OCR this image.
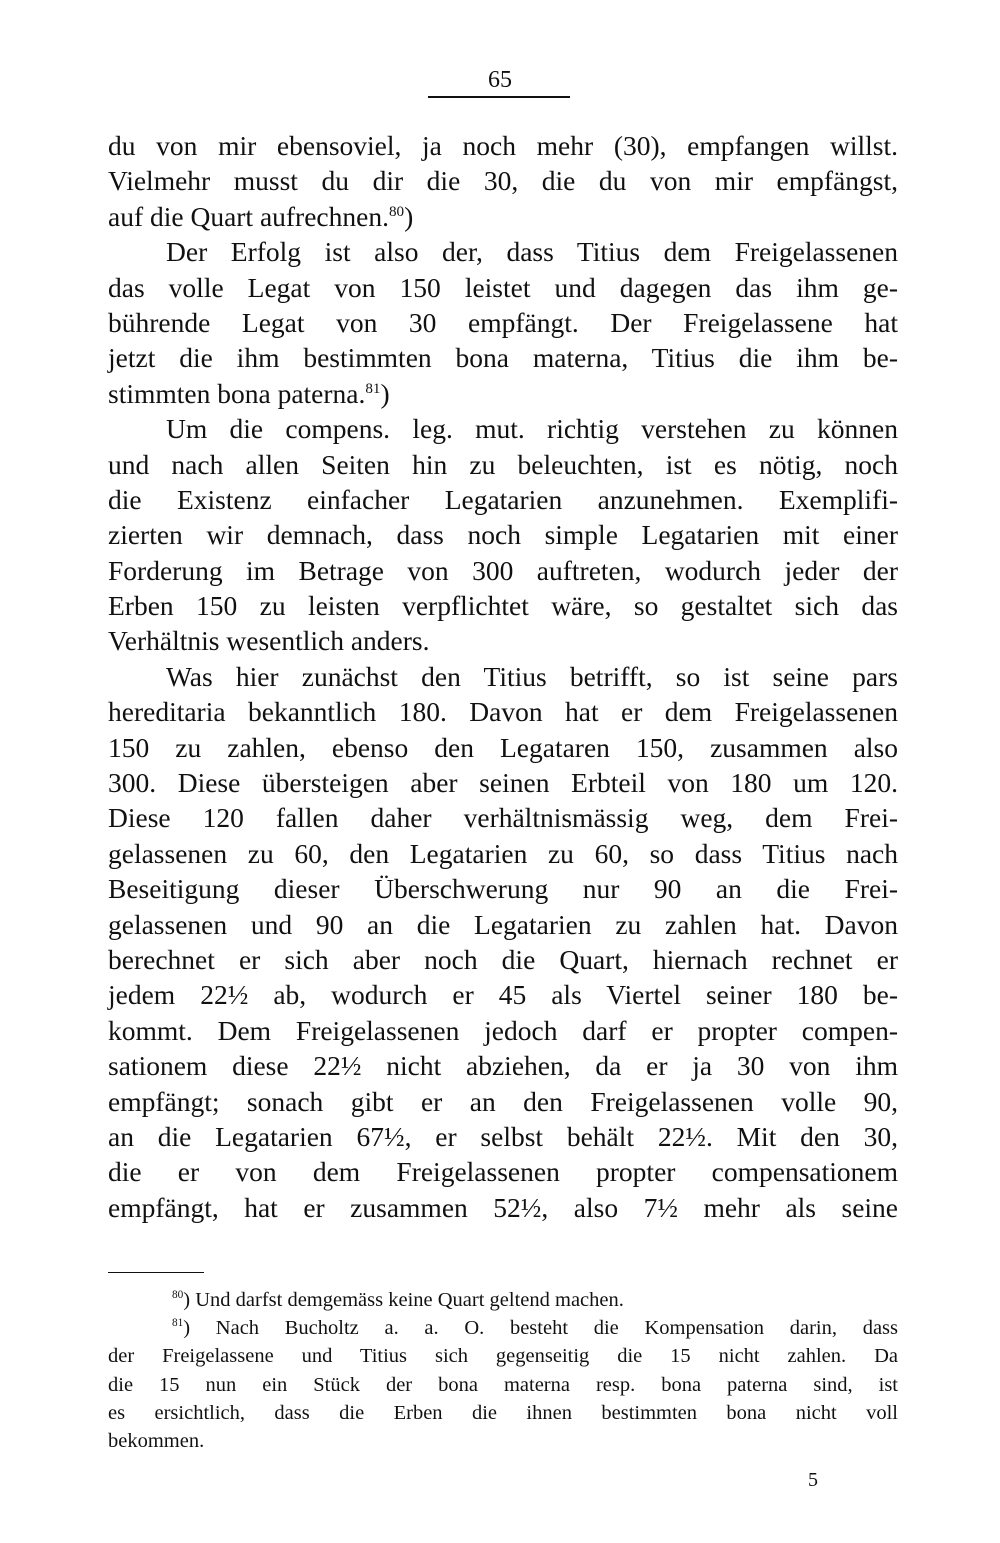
65
du von mir ebensoviel, ja noch mehr (30), empfangen willst.
Vielmehr musst du dir die 30, die du von mir empfängst,
auf die Quart aufrechnen.$^{80}$)
Der Erfolg ist also der, dass Titius dem Freigelassenen
das volle Legat von 150 leistet und dagegen das ihm ge-
bührende Legat von 30 empfängt. Der Freigelassene hat
jetzt die ihm bestimmten bona materna, Titius die ihm be-
stimmten bona paterna.$^{81}$)
Um die compens. leg. mut. richtig verstehen zu können
und nach allen Seiten hin zu beleuchten, ist es nötig, noch
die Existenz einfacher Legatarien anzunehmen. Exemplifi-
zierten wir demnach, dass noch simple Legatarien mit einer
Forderung im Betrage von 300 auftreten, wodurch jeder der
Erben 150 zu leisten verpflichtet wäre, so gestaltet sich das
Verhältnis wesentlich anders.
Was hier zunächst den Titius betrifft, so ist seine pars
hereditaria bekanntlich 180. Davon hat er dem Freigelassenen
150 zu zahlen, ebenso den Legataren 150, zusammen also
300. Diese übersteigen aber seinen Erbteil von 180 um 120.
Diese 120 fallen daher verhältnismässig weg, dem Frei-
gelassenen zu 60, den Legatarien zu 60, so dass Titius nach
Beseitigung dieser Überschwerung nur 90 an die Frei-
gelassenen und 90 an die Legatarien zu zahlen hat. Davon
berechnet er sich aber noch die Quart, hiernach rechnet er
jedem 22½ ab, wodurch er 45 als Viertel seiner 180 be-
kommt. Dem Freigelassenen jedoch darf er propter compen-
sationem diese 22½ nicht abziehen, da er ja 30 von ihm
empfängt; sonach gibt er an den Freigelassenen volle 90,
an die Legatarien 67½, er selbst behält 22½. Mit den 30,
die er von dem Freigelassenen propter compensationem
empfängt, hat er zusammen 52½, also 7½ mehr als seine
$^{80}$) Und darfst demgemäss keine Quart geltend machen.
$^{81}$) Nach Bucholtz a. a. O. besteht die Kompensation darin, dass
der Freigelassene und Titius sich gegenseitig die 15 nicht zahlen. Da
die 15 nun ein Stück der bona materna resp. bona paterna sind, ist
es ersichtlich, dass die Erben die ihnen bestimmten bona nicht voll
bekommen.
5
